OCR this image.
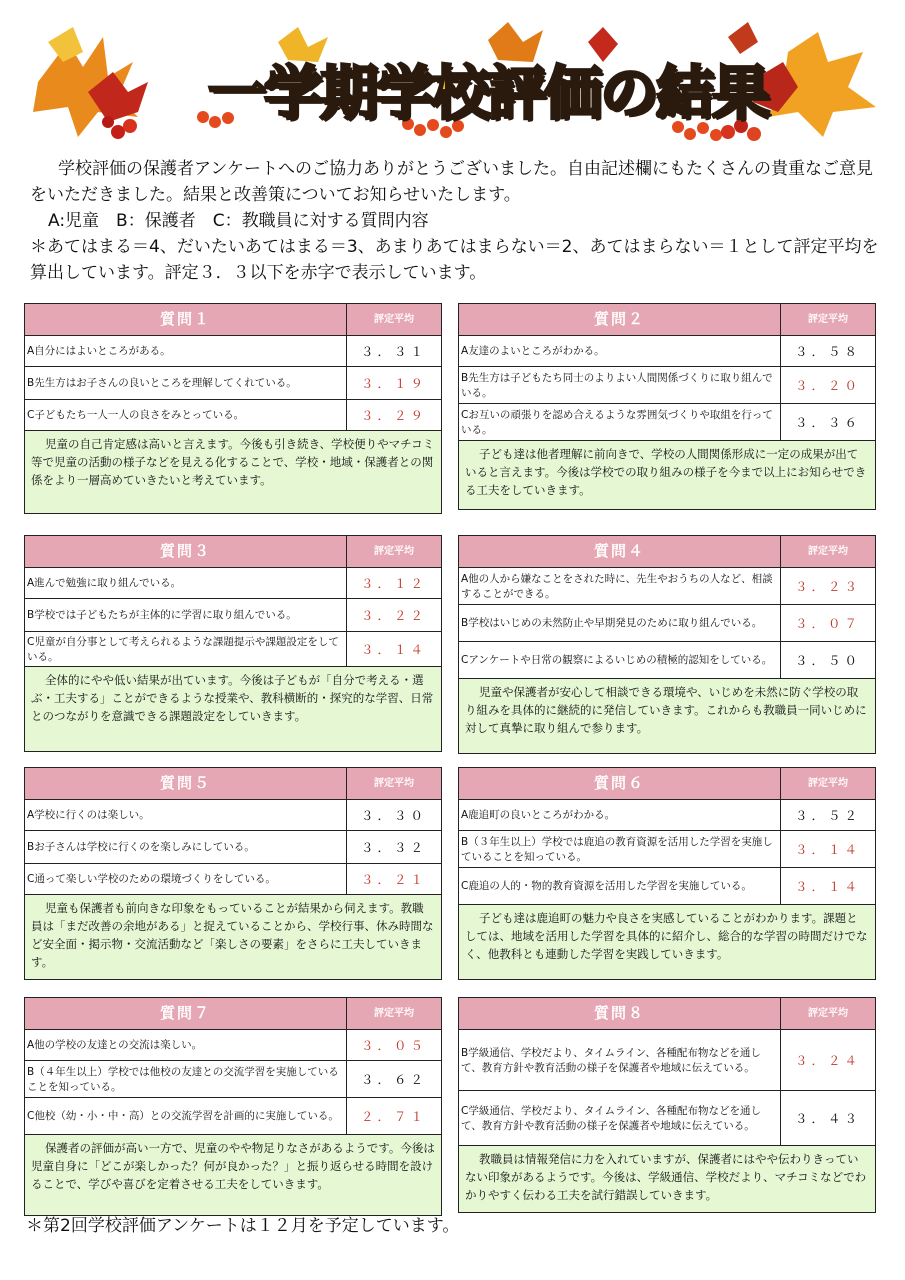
一学期学校評価の結果

学校評価の保護者アンケートへのご協力ありがとうございました。自由記述欄にもたくさんの貴重なご意見をいただきました。結果と改善策についてお知らせいたします。

A:児童　B：保護者　C：教職員に対する質問内容

＊あてはまる＝4、だいたいあてはまる＝3、あまりあてはまらない＝2、あてはまらない＝１として評定平均を算出しています。評定３．３以下を赤字で表示しています。

質問１	評定平均
A自分にはよいところがある。	３．３１
B先生方はお子さんの良いところを理解してくれている。	３．１９
C子どもたち一人一人の良さをみとっている。	３．２９
児童の自己肯定感は高いと言えます。今後も引き続き、学校便りやマチコミ等で児童の活動の様子などを見える化することで、学校・地域・保護者との関係をより一層高めていきたいと考えています。
質問２	評定平均
A友達のよいところがわかる。	３．５８
B先生方は子どもたち同士のよりよい人間関係づくりに取り組んでいる。	３．２０
Cお互いの頑張りを認め合えるような雰囲気づくりや取組を行っている。	３．３６
子ども達は他者理解に前向きで、学校の人間関係形成に一定の成果が出ていると言えます。今後は学校での取り組みの様子を今まで以上にお知らせできる工夫をしていきます。
質問３	評定平均
A進んで勉強に取り組んでいる。	３．１２
B学校では子どもたちが主体的に学習に取り組んでいる。	３．２２
C児童が自分事として考えられるような課題提示や課題設定をしている。	３．１４
全体的にやや低い結果が出ています。今後は子どもが「自分で考える・選ぶ・工夫する」ことができるような授業や、教科横断的・探究的な学習、日常とのつながりを意識できる課題設定をしていきます。
質問４	評定平均
A他の人から嫌なことをされた時に、先生やおうちの人など、相談することができる。	３．２３
B学校はいじめの未然防止や早期発見のために取り組んでいる。	３．０７
Cアンケートや日常の観察によるいじめの積極的認知をしている。	３．５０
児童や保護者が安心して相談できる環境や、いじめを未然に防ぐ学校の取り組みを具体的に継続的に発信していきます。これからも教職員一同いじめに対して真摯に取り組んで参ります。
質問５	評定平均
A学校に行くのは楽しい。	３．３０
Bお子さんは学校に行くのを楽しみにしている。	３．３２
C通って楽しい学校のための環境づくりをしている。	３．２１
児童も保護者も前向きな印象をもっていることが結果から伺えます。教職員は「まだ改善の余地がある」と捉えていることから、学校行事、休み時間など安全面・掲示物・交流活動など「楽しさの要素」をさらに工夫していきます。
質問６	評定平均
A鹿追町の良いところがわかる。	３．５２
B（３年生以上）学校では鹿追の教育資源を活用した学習を実施していることを知っている。	３．１４
C鹿追の人的・物的教育資源を活用した学習を実施している。	３．１４
子ども達は鹿追町の魅力や良さを実感していることがわかります。課題としては、地域を活用した学習を具体的に紹介し、総合的な学習の時間だけでなく、他教科とも連動した学習を実践していきます。
質問７	評定平均
A他の学校の友達との交流は楽しい。	３．０５
B（４年生以上）学校では他校の友達との交流学習を実施していることを知っている。	３．６２
C他校（幼・小・中・高）との交流学習を計画的に実施している。	２．７１
保護者の評価が高い一方で、児童のやや物足りなさがあるようです。今後は児童自身に「どこが楽しかった？何が良かった？」と振り返らせる時間を設けることで、学びや喜びを定着させる工夫をしていきます。
質問８	評定平均
B学級通信、学校だより、タイムライン、各種配布物などを通して、教育方針や教育活動の様子を保護者や地域に伝えている。	３．２４
C学級通信、学校だより、タイムライン、各種配布物などを通して、教育方針や教育活動の様子を保護者や地域に伝えている。	３．４３
教職員は情報発信に力を入れていますが、保護者にはやや伝わりきっていない印象があるようです。今後は、学級通信、学校だより、マチコミなどでわかりやすく伝わる工夫を試行錯誤していきます。
＊第2回学校評価アンケートは１２月を予定しています。
